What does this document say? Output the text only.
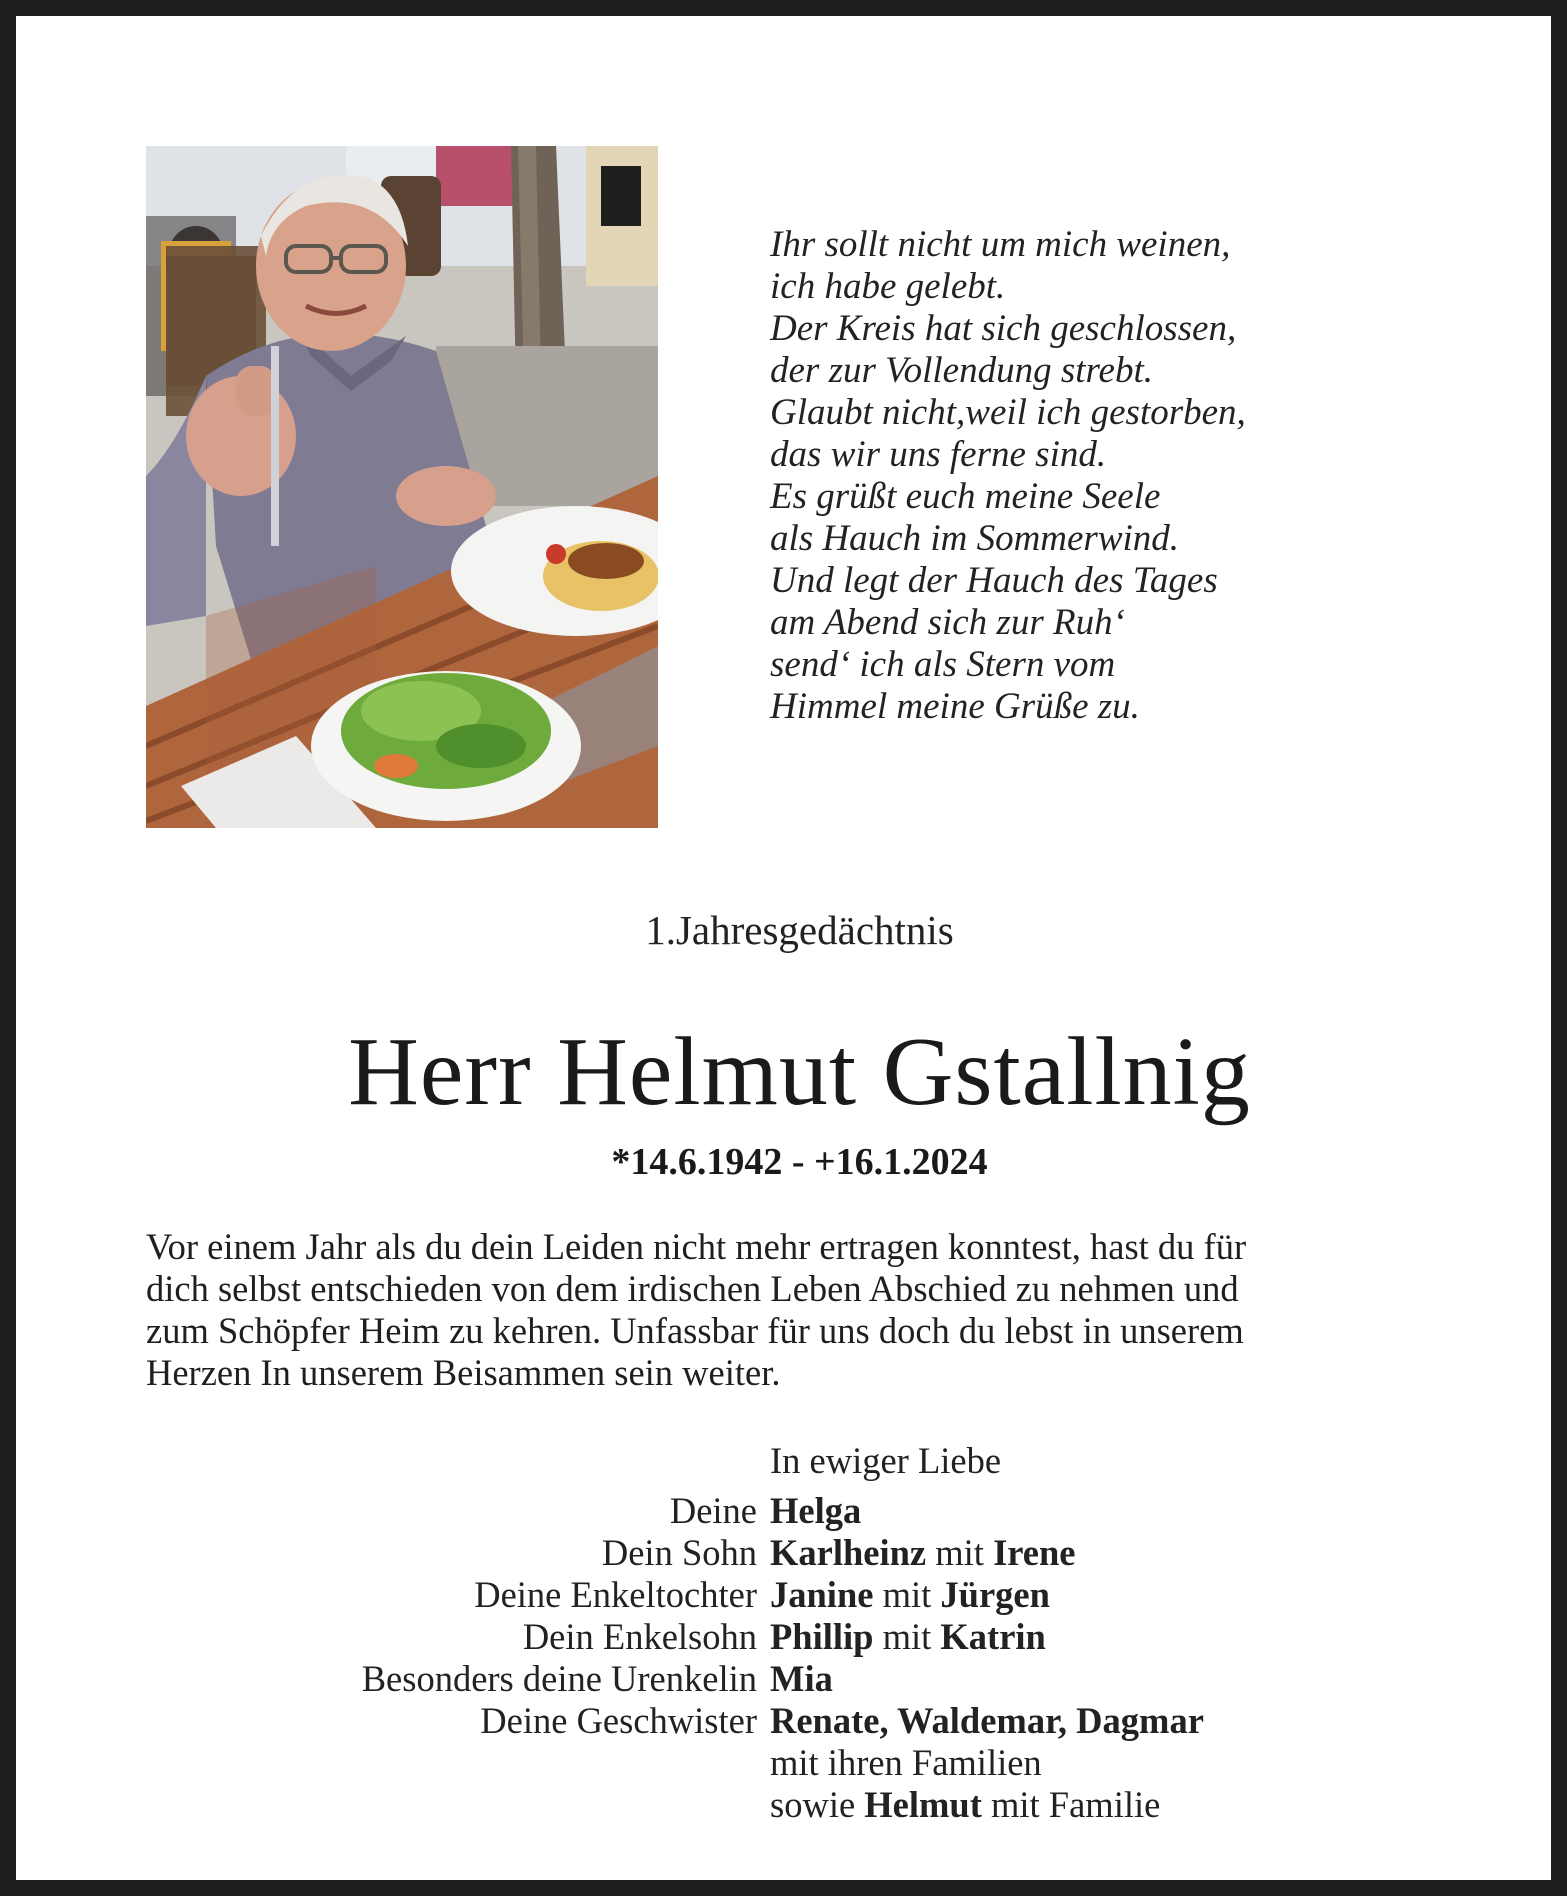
Ihr sollt nicht um mich weinen,
ich habe gelebt.
Der Kreis hat sich geschlossen,
der zur Vollendung strebt.
Glaubt nicht,weil ich gestorben,
das wir uns ferne sind.
Es grüßt euch meine Seele
als Hauch im Sommerwind.
Und legt der Hauch des Tages
am Abend sich zur Ruh‘
send‘ ich als Stern vom
Himmel meine Grüße zu.
1.Jahresgedächtnis
Herr Helmut Gstallnig
*14.6.1942 - +16.1.2024
Vor einem Jahr als du dein Leiden nicht mehr ertragen konntest, hast du für
dich selbst entschieden von dem irdischen Leben Abschied zu nehmen und
zum Schöpfer Heim zu kehren. Unfassbar für uns doch du lebst in unserem
Herzen In unserem Beisammen sein weiter.
In ewiger Liebe
Deine Helga
Dein Sohn Karlheinz mit Irene
Deine Enkeltochter Janine mit Jürgen
Dein Enkelsohn Phillip mit Katrin
Besonders deine Urenkelin Mia
Deine Geschwister Renate, Waldemar, Dagmar
mit ihren Familien
sowie Helmut mit Familie
